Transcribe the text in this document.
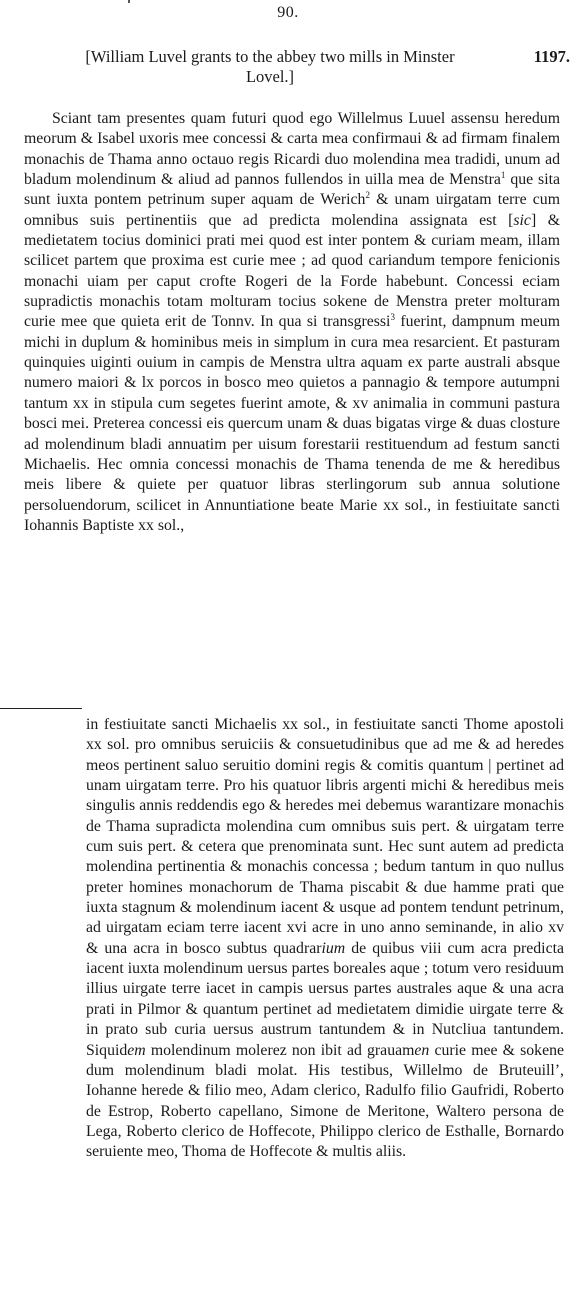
90.
[William Luvel grants to the abbey two mills in Minster Lovel.]
1197.

Sciant tam presentes quam futuri quod ego Willelmus Luuel assensu heredum meorum & Isabel uxoris mee concessi & carta mea confirmaui & ad firmam finalem monachis de Thama anno octauo regis Ricardi duo molendina mea tradidi, unum ad bladum molendinum & aliud ad pannos fullendos in uilla mea de Menstra$^1$ que sita sunt iuxta pontem petrinum super aquam de Werich$^2$ & unam uirgatam terre cum omnibus suis pertinentiis que ad predicta molendina assignata est [sic] & medietatem tocius dominici prati mei quod est inter pontem & curiam meam, illam scilicet partem que proxima est curie mee ; ad quod cariandum tempore fenicionis monachi uiam per caput crofte Rogeri de la Forde habebunt. Concessi eciam supradictis monachis totam molturam tocius sokene de Menstra preter molturam curie mee que quieta erit de Tonnv. In qua si transgressi$^3$ fuerint, dampnum meum michi in duplum & hominibus meis in simplum in cura mea resarcient. Et pasturam quinquies uiginti ouium in campis de Menstra ultra aquam ex parte australi absque numero maiori & lx porcos in bosco meo quietos a pannagio & tempore autumpni tantum xx in stipula cum segetes fuerint amote, & xv animalia in communi pastura bosci mei. Preterea concessi eis quercum unam & duas bigatas virge & duas closture ad molendinum bladi annuatim per uisum forestarii restituendum ad festum sancti Michaelis. Hec omnia concessi monachis de Thama tenenda de me & heredibus meis libere & quiete per quatuor libras sterlingorum sub annua solutione persoluendorum, scilicet in Annuntiatione beate Marie xx sol., in festiuitate sancti Iohannis Baptiste xx sol.,

in festiuitate sancti Michaelis xx sol., in festiuitate sancti Thome apostoli xx sol. pro omnibus seruiciis & consuetudinibus que ad me & ad heredes meos pertinent saluo seruitio domini regis & comitis quantum | pertinet ad unam uirgatam terre. Pro his quatuor libris argenti michi & heredibus meis singulis annis reddendis ego & heredes mei debemus warantizare monachis de Thama supradicta molendina cum omnibus suis pert. & uirgatam terre cum suis pert. & cetera que prenominata sunt. Hec sunt autem ad predicta molendina pertinentia & monachis concessa ; bedum tantum in quo nullus preter homines monachorum de Thama piscabit & due hamme prati que iuxta stagnum & molendinum iacent & usque ad pontem tendunt petrinum, ad uirgatam eciam terre iacent xvi acre in uno anno seminande, in alio xv & una acra in bosco subtus quadrarium de quibus viii cum acra predicta iacent iuxta molendinum uersus partes boreales aque ; totum vero residuum illius uirgate terre iacet in campis uersus partes australes aque & una acra prati in Pilmor & quantum pertinet ad medietatem dimidie uirgate terre & in prato sub curia uersus austrum tantundem & in Nutcliua tantundem. Siquidem molendinum molerez non ibit ad grauamen curie mee & sokene dum molendinum bladi molat. His testibus, Willelmo de Bruteuill’, Iohanne herede & filio meo, Adam clerico, Radulfo filio Gaufridi, Roberto de Estrop, Roberto capellano, Simone de Meritone, Waltero persona de Lega, Roberto clerico de Hoffecote, Philippo clerico de Esthalle, Bornardo seruiente meo, Thoma de Hoffecote & multis aliis.
